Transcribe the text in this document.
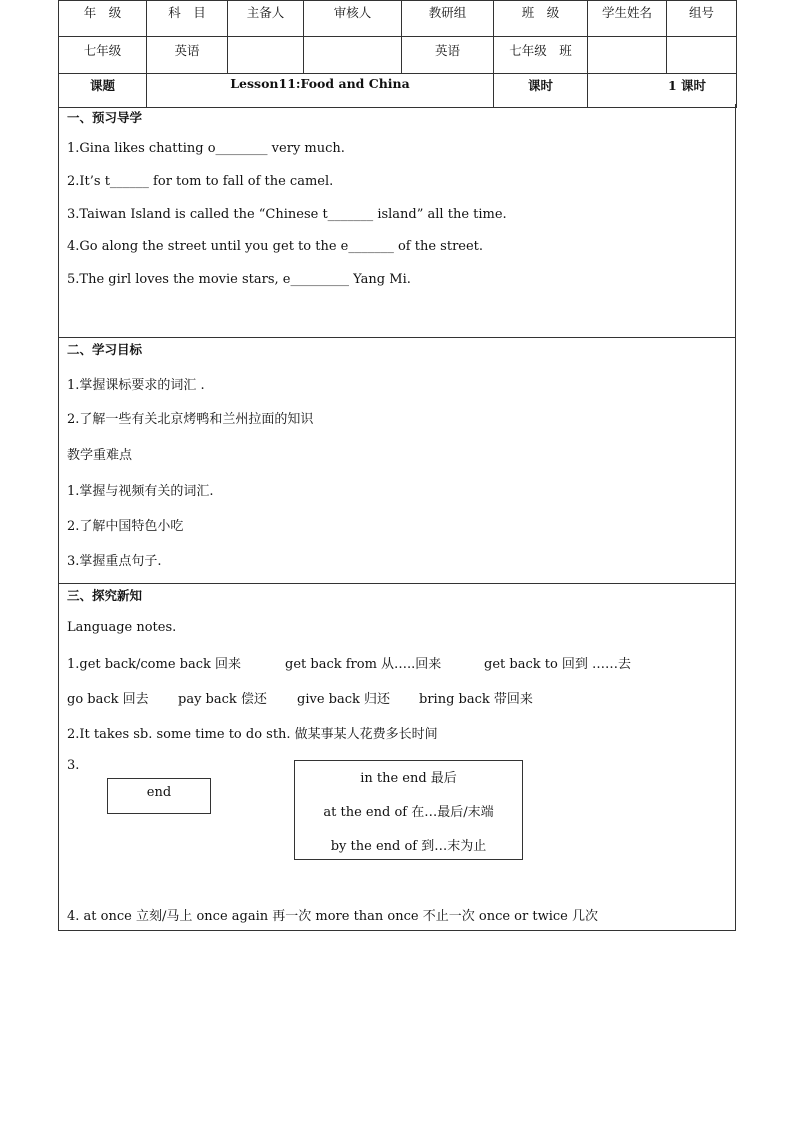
年　级	科　目	主备人	审核人	教研组	班　级	学生姓名	组号
七年级	英语			英语	七年级　班		
课题	Lesson11:Food and China				课时	1 课时	
一、预习导学
1.Gina likes chatting o________ very much.
2.It’s t______ for tom to fall of the camel.
3.Taiwan Island is called the “Chinese t_______ island” all the time.
4.Go along the street until you get to the e_______ of the street.
5.The girl loves the movie stars, e_________ Yang Mi.
二、学习目标
1.掌握课标要求的词汇 .
2.了解一些有关北京烤鸭和兰州拉面的知识
教学重难点
1.掌握与视频有关的词汇.
2.了解中国特色小吃
3.掌握重点句子.
三、探究新知
Language notes.
1.get back/come back 回来	get back from 从…..回来	get back to 回到 ……去
go back 回去 pay back 偿还 give back 归还 bring back 带回来
2.It takes sb. some time to do sth. 做某事某人花费多长时间
3.
end
in the end 最后
at the end of 在…最后/末端
by the end of 到…末为止
4. at once 立刻/马上 once again 再一次 more than once 不止一次 once or twice 几次
